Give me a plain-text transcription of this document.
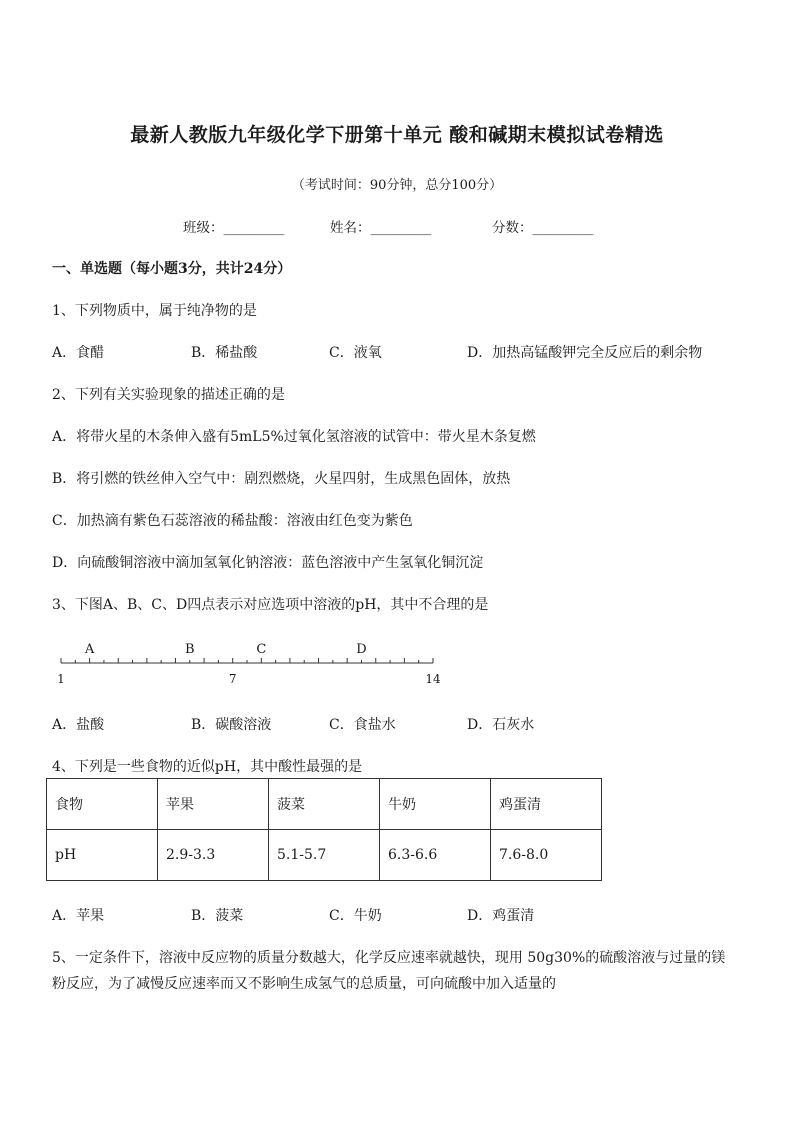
最新人教版九年级化学下册第十单元 酸和碱期末模拟试卷精选
（考试时间：90分钟，总分100分）
班级：_________	姓名：_________	分数：_________
一、单选题（每小题3分，共计24分）
1、下列物质中，属于纯净物的是
A．食醋	B．稀盐酸	C．液氧	D．加热高锰酸钾完全反应后的剩余物
2、下列有关实验现象的描述正确的是
A．将带火星的木条伸入盛有5mL5%过氧化氢溶液的试管中：带火星木条复燃
B．将引燃的铁丝伸入空气中：剧烈燃烧，火星四射，生成黑色固体，放热
C．加热滴有紫色石蕊溶液的稀盐酸：溶液由红色变为紫色
D．向硫酸铜溶液中滴加氢氧化钠溶液：蓝色溶液中产生氢氧化铜沉淀
3、下图A、B、C、D四点表示对应选项中溶液的pH，其中不合理的是
A	B	C	D
1	7	14
A．盐酸	B．碳酸溶液	C．食盐水	D．石灰水
4、下列是一些食物的近似pH，其中酸性最强的是
食物	苹果	菠菜	牛奶	鸡蛋清
pH	2.9-3.3	5.1-5.7	6.3-6.6	7.6-8.0
A．苹果	B．菠菜	C．牛奶	D．鸡蛋清
5、一定条件下，溶液中反应物的质量分数越大，化学反应速率就越快，现用 50g30%的硫酸溶液与过量的镁
粉反应，为了减慢反应速率而又不影响生成氢气的总质量，可向硫酸中加入适量的
